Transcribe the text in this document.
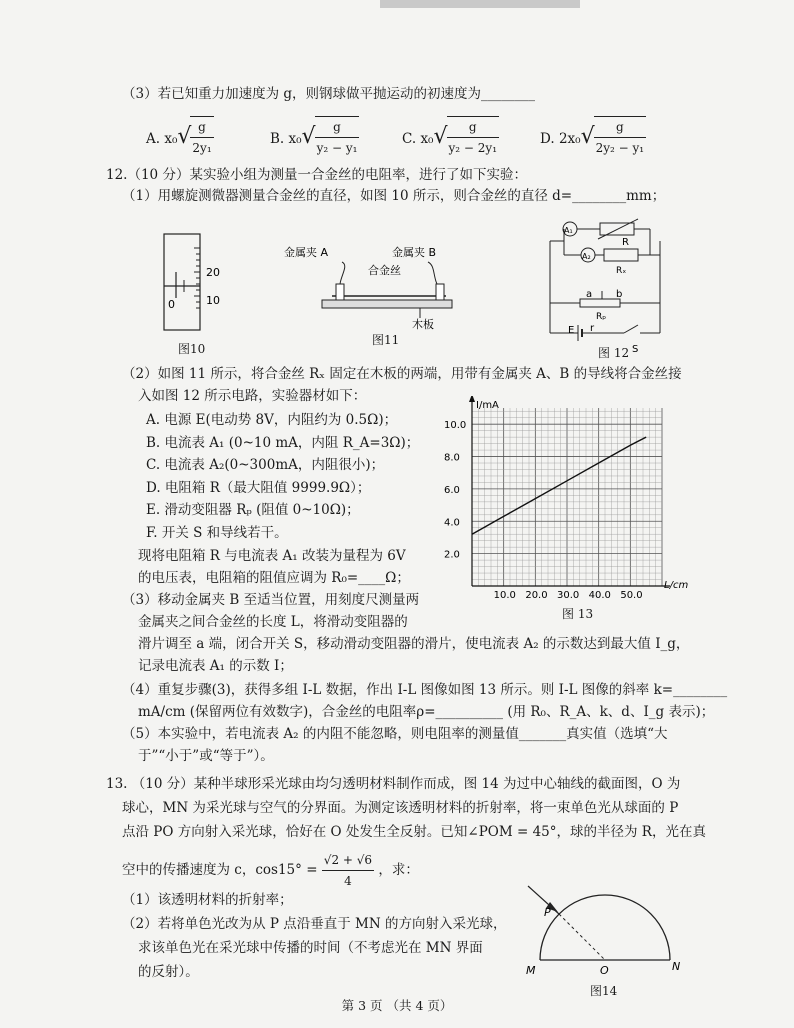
（3）若已知重力加速度为 g，则钢球做平抛运动的初速度为________
A. x₀ √ $\frac{g}{\text{2y₁}}$	B. x₀ √ $\frac{g}{\text{y₂ − y₁}}$	C. x₀ √ $\frac{g}{\text{y₂ − 2y₁}}$	D. 2x₀ √ $\frac{g}{\text{2y₂ − y₁}}$
12.（10 分）某实验小组为测量一合金丝的电阻率，进行了如下实验：
（1）用螺旋测微器测量合金丝的直径，如图 10 所示，则合金丝的直径 d=________mm；
20
10
0
图10
金属夹 A	金属夹 B
合金丝
木板
图11
A₁
R
A₂
Rₓ
a b
Rₚ
E r
S
图 12
（2）如图 11 所示，将合金丝 Rₓ 固定在木板的两端，用带有金属夹 A、B 的导线将合金丝接
入如图 12 所示电路，实验器材如下：
A. 电源 E(电动势 8V，内阻约为 0.5Ω)；
B. 电流表 A₁ (0~10 mA，内阻 R_A=3Ω)；
C. 电流表 A₂(0~300mA，内阻很小)；
D. 电阻箱 R（最大阻值 9999.9Ω）；
E. 滑动变阻器 Rₚ (阻值 0~10Ω)；
F. 开关 S 和导线若干。
现将电阻箱 R 与电流表 A₁ 改装为量程为 6V
的电压表，电阻箱的阻值应调为 R₀=____Ω；
（3）移动金属夹 B 至适当位置，用刻度尺测量两
金属夹之间合金丝的长度 L，将滑动变阻器的
滑片调至 a 端，闭合开关 S，移动滑动变阻器的滑片，使电流表 A₂ 的示数达到最大值 I_g，
记录电流表 A₁ 的示数 I；
（4）重复步骤(3)，获得多组 I-L 数据，作出 I-L 图像如图 13 所示。则 I-L 图像的斜率 k=________
mA/cm (保留两位有效数字)，合金丝的电阻率ρ=__________ (用 R₀、R_A、k、d、I_g 表示)；
（5）本实验中，若电流表 A₂ 的内阻不能忽略，则电阻率的测量值_______真实值（选填“大
于”“小于”或“等于”）。
10.0 20.0 30.0 40.0 50.0
2.0
4.0
6.0
8.0
10.0
I/mA
L/cm
图 13
13. （10 分）某种半球形采光球由均匀透明材料制作而成，图 14 为过中心轴线的截面图，O 为
球心，MN 为采光球与空气的分界面。为测定该透明材料的折射率，将一束单色光从球面的 P
点沿 PO 方向射入采光球，恰好在 O 处发生全反射。已知∠POM = 45°，球的半径为 R，光在真
空中的传播速度为 c，$\cos 15^\circ = \frac{√2 + √6}{4}$ ，求：
（1）该透明材料的折射率；
（2）若将单色光改为从 P 点沿垂直于 MN 的方向射入采光球，
求该单色光在采光球中传播的时间（不考虑光在 MN 界面
的反射）。
P
M	O	N
图14
第 3 页 （共 4 页）
